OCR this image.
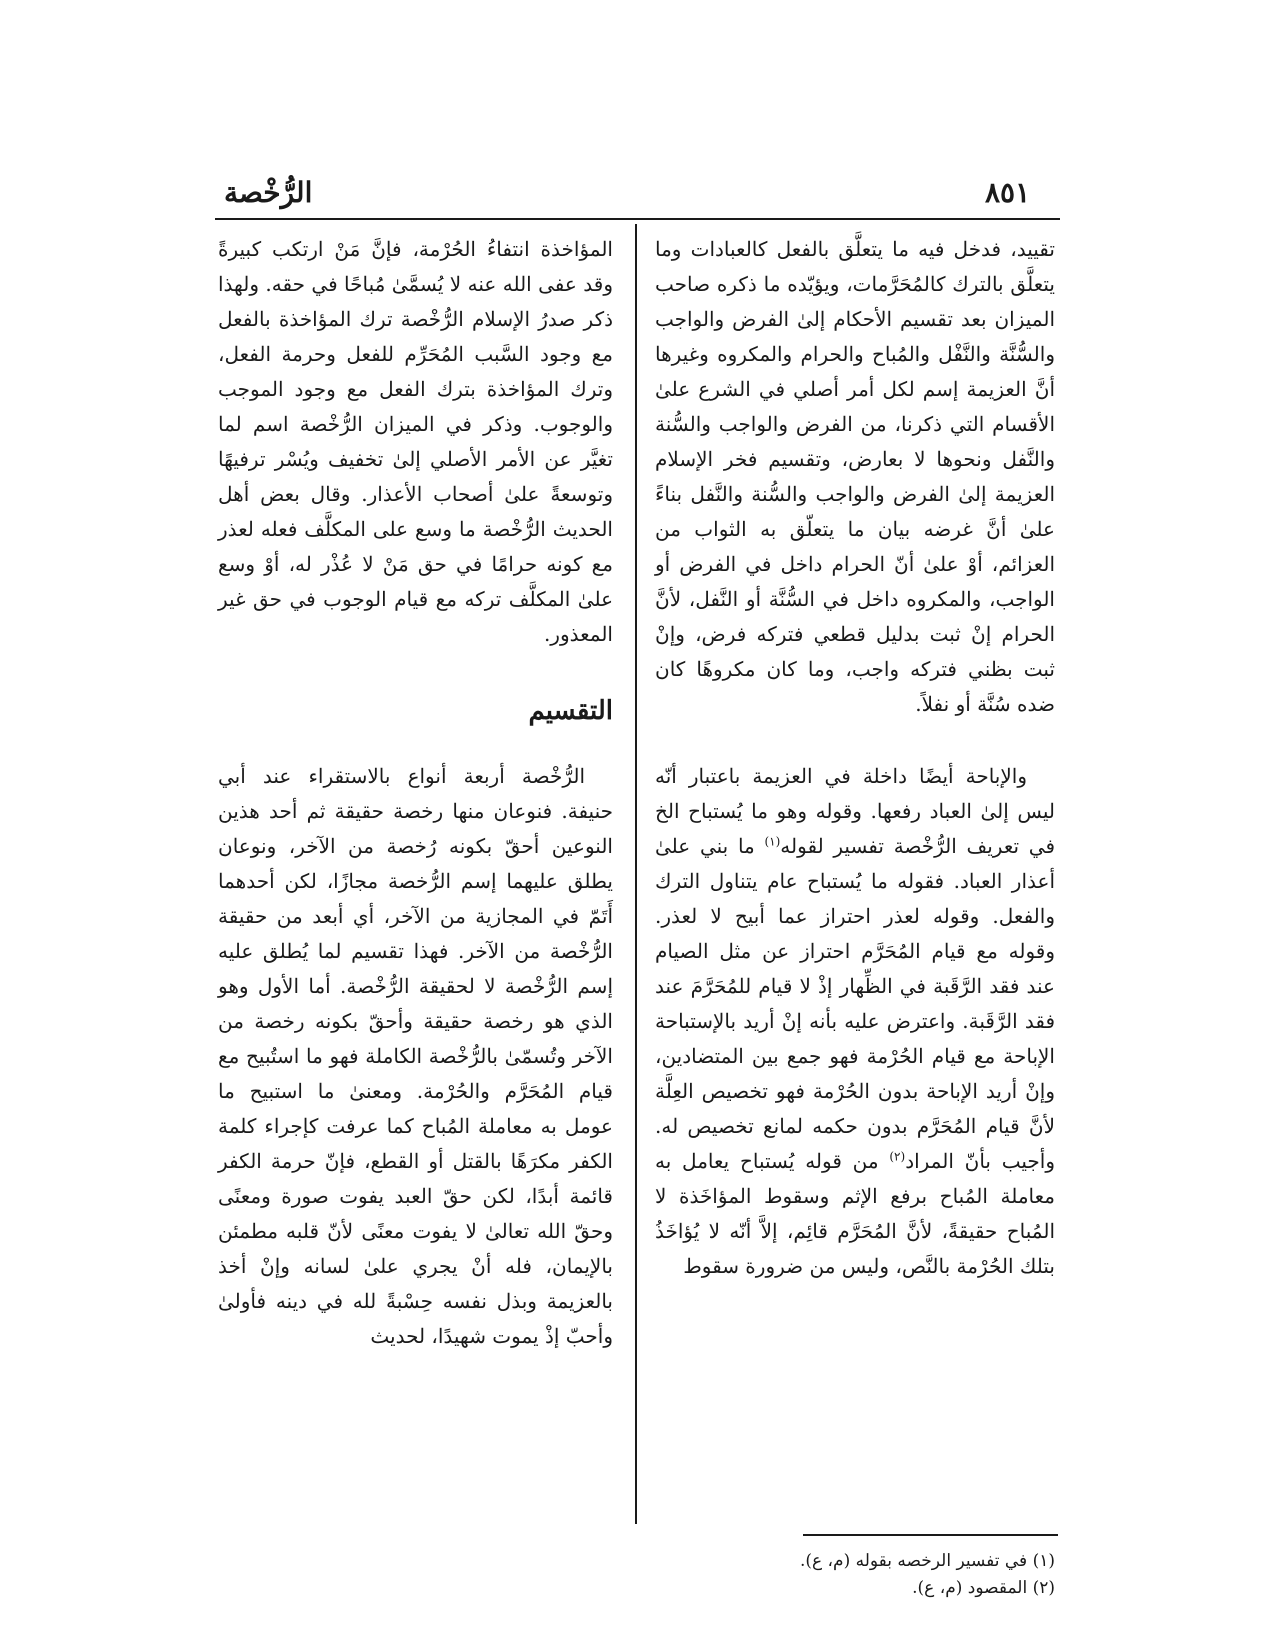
الرُّخْصة	٨٥١

تقييد، فدخل فيه ما يتعلَّق بالفعل كالعبادات وما يتعلَّق بالترك كالمُحَرَّمات، ويؤيّده ما ذكره صاحب الميزان بعد تقسيم الأحكام إلىٰ الفرض والواجب والسُّنَّة والنَّفْل والمُباح والحرام والمكروه وغيرها أنَّ العزيمة إسم لكل أمر أصلي في الشرع علىٰ الأقسام التي ذكرنا، من الفرض والواجب والسُّنة والنَّفل ونحوها لا بعارض، وتقسيم فخر الإسلام العزيمة إلىٰ الفرض والواجب والسُّنة والنَّفل بناءً علىٰ أنَّ غرضه بيان ما يتعلّق به الثواب من العزائم، أوْ علىٰ أنّ الحرام داخل في الفرض أو الواجب، والمكروه داخل في السُّنَّة أو النَّفل، لأنَّ الحرام إنْ ثبت بدليل قطعي فتركه فرض، وإنْ ثبت بظني فتركه واجب، وما كان مكروهًا كان ضده سُنَّة أو نفلاً.

والإباحة أيضًا داخلة في العزيمة باعتبار أنّه ليس إلىٰ العباد رفعها. وقوله وهو ما يُستباح الخ في تعريف الرُّخْصة تفسير لقوله$^{(١)}$ ما بني علىٰ أعذار العباد. فقوله ما يُستباح عام يتناول الترك والفعل. وقوله لعذر احتراز عما أبيح لا لعذر. وقوله مع قيام المُحَرَّم احتراز عن مثل الصيام عند فقد الرَّقَبة في الظِّهار إذْ لا قيام للمُحَرَّمَ عند فقد الرَّقَبة. واعترض عليه بأنه إنْ أريد بالإستباحة الإباحة مع قيام الحُرْمة فهو جمع بين المتضادين، وإنْ أريد الإباحة بدون الحُرْمة فهو تخصيص العِلَّة لأنَّ قيام المُحَرَّم بدون حكمه لمانع تخصيص له. وأجيب بأنّ المراد$^{(٢)}$ من قوله يُستباح يعامل به معاملة المُباح برفع الإثم وسقوط المؤاخَذة لا المُباح حقيقةً، لأنَّ المُحَرَّم قائِم، إلاَّ أنّه لا يُؤاخَذُ بتلك الحُرْمة بالنَّص، وليس من ضرورة سقوط

المؤاخذة انتفاءُ الحُرْمة، فإنَّ مَنْ ارتكب كبيرةً وقد عفى الله عنه لا يُسمَّىٰ مُباحًا في حقه. ولهذا ذكر صدرُ الإسلام الرُّخْصة ترك المؤاخذة بالفعل مع وجود السَّبب المُحَرِّم للفعل وحرمة الفعل، وترك المؤاخذة بترك الفعل مع وجود الموجب والوجوب. وذكر في الميزان الرُّخْصة اسم لما تغيَّر عن الأمر الأصلي إلىٰ تخفيف ويُسْر ترفيهًا وتوسعةً علىٰ أصحاب الأعذار. وقال بعض أهل الحديث الرُّخْصة ما وسع على المكلَّف فعله لعذر مع كونه حرامًا في حق مَنْ لا عُذْر له، أوْ وسع علىٰ المكلَّف تركه مع قيام الوجوب في حق غير المعذور.

التقسيم

الرُّخْصة أربعة أنواع بالاستقراء عند أبي حنيفة. فنوعان منها رخصة حقيقة ثم أحد هذين النوعين أحقّ بكونه رُخصة من الآخر، ونوعان يطلق عليهما إسم الرُّخصة مجازًا، لكن أحدهما أَتَمّ في المجازية من الآخر، أي أبعد من حقيقة الرُّخْصة من الآخر. فهذا تقسيم لما يُطلق عليه إسم الرُّخْصة لا لحقيقة الرُّخْصة. أما الأول وهو الذي هو رخصة حقيقة وأحقّ بكونه رخصة من الآخر وتُسمّىٰ بالرُّخْصة الكاملة فهو ما استُبيح مع قيام المُحَرَّم والحُرْمة. ومعنىٰ ما استبيح ما عومل به معاملة المُباح كما عرفت كإجراء كلمة الكفر مكرَهًا بالقتل أو القطع، فإنّ حرمة الكفر قائمة أبدًا، لكن حقّ العبد يفوت صورة ومعنًى وحقّ الله تعالىٰ لا يفوت معنًى لأنّ قلبه مطمئن بالإيمان، فله أنْ يجري علىٰ لسانه وإنْ أخذ بالعزيمة وبذل نفسه حِسْبةً لله في دينه فأولىٰ وأحبّ إذْ يموت شهيدًا، لحديث

(١) في تفسير الرخصه بقوله (م، ع).
(٢) المقصود (م، ع).
